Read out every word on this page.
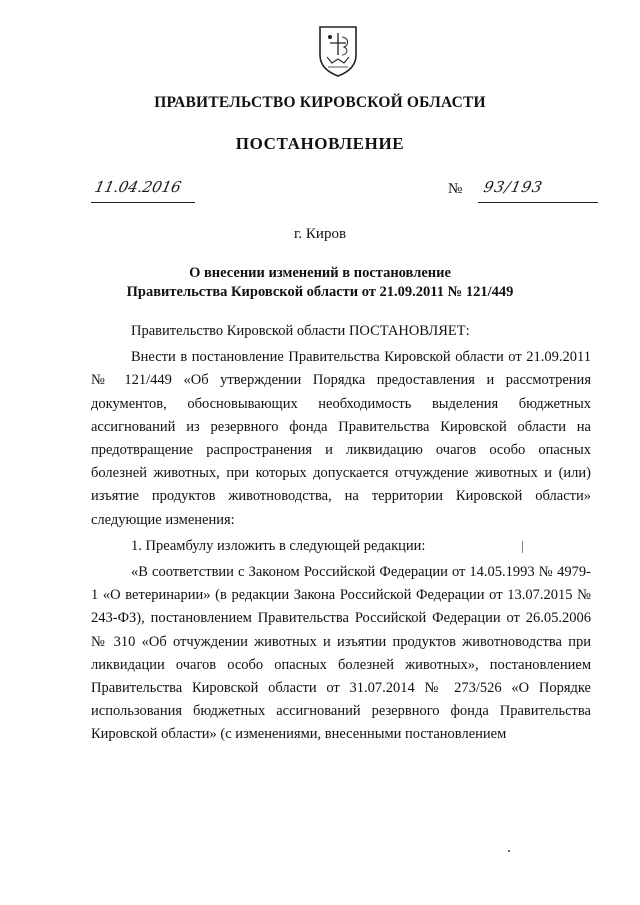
ПРАВИТЕЛЬСТВО КИРОВСКОЙ ОБЛАСТИ
ПОСТАНОВЛЕНИЕ
11.04.2016	№ 93/193
г. Киров
О внесении изменений в постановление
Правительства Кировской области от 21.09.2011 № 121/449

Правительство Кировской области ПОСТАНОВЛЯЕТ:

Внести в постановление Правительства Кировской области от 21.09.2011 № 121/449 «Об утверждении Порядка предоставления и рассмотрения документов, обосновывающих необходимость выделения бюджетных ассигнований из резервного фонда Правительства Кировской области на предотвращение распространения и ликвидацию очагов особо опасных болезней животных, при которых допускается отчуждение животных и (или) изъятие продуктов животноводства, на территории Кировской области» следующие изменения:

1. Преамбулу изложить в следующей редакции:

«В соответствии с Законом Российской Федерации от 14.05.1993 № 4979-1 «О ветеринарии» (в редакции Закона Российской Федерации от 13.07.2015 № 243-ФЗ), постановлением Правительства Российской Федерации от 26.05.2006 № 310 «Об отчуждении животных и изъятии продуктов животноводства при ликвидации очагов особо опасных болезней животных», постановлением Правительства Кировской области от 31.07.2014 № 273/526 «О Порядке использования бюджетных ассигнований резервного фонда Правительства Кировской области» (с изменениями, внесенными постановлением
